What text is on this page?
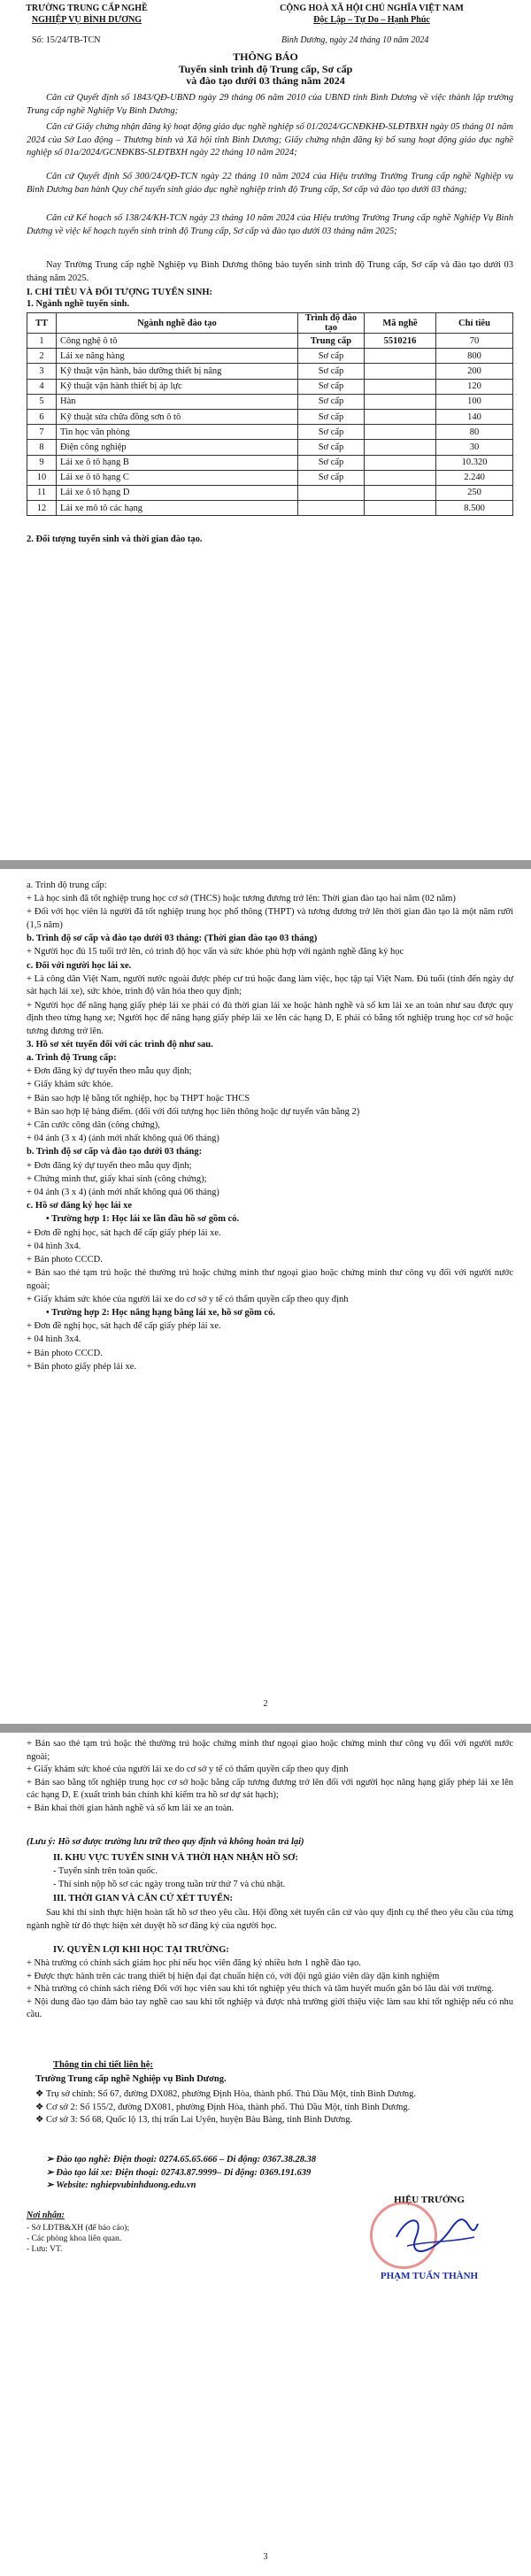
TRƯỜNG TRUNG CẤP NGHỀ
NGHIỆP VỤ BÌNH DƯƠNG
CỘNG HOÀ XÃ HỘI CHỦ NGHĨA VIỆT NAM
Độc Lập – Tự Do – Hạnh Phúc
Số: 15/24/TB-TCN	Bình Dương, ngày 24 tháng 10 năm 2024
THÔNG BÁO
Tuyển sinh trình độ Trung cấp, Sơ cấp
và đào tạo dưới 03 tháng năm 2024
Căn cứ Quyết định số 1843/QĐ-UBND ngày 29 tháng 06 năm 2010 của UBND tỉnh Bình Dương về việc thành lập trường Trung cấp nghề Nghiệp Vụ Bình Dương;
Căn cứ Giấy chứng nhận đăng ký hoạt động giáo dục nghề nghiệp số 01/2024/GCNĐKHĐ-SLĐTBXH ngày 05 tháng 01 năm 2024 của Sở Lao động – Thương binh và Xã hội tỉnh Bình Dương; Giấy chứng nhận đăng ký bổ sung hoạt động giáo dục nghề nghiệp số 01a/2024/GCNĐKBS-SLĐTBXH ngày 22 tháng 10 năm 2024;
Căn cứ Quyết định Số 300/24/QĐ-TCN ngày 22 tháng 10 năm 2024 của Hiệu trưởng Trường Trung cấp nghề Nghiệp vụ Bình Dương ban hành Quy chế tuyển sinh giáo dục nghề nghiệp trình độ Trung cấp, Sơ cấp và đào tạo dưới 03 tháng;
Căn cứ Kế hoạch số 138/24/KH-TCN ngày 23 tháng 10 năm 2024 của Hiệu trưởng Trường Trung cấp nghề Nghiệp Vụ Bình Dương về việc kế hoạch tuyển sinh trình độ Trung cấp, Sơ cấp và đào tạo dưới 03 tháng năm 2025;
Nay Trường Trung cấp nghề Nghiệp vụ Bình Dương thông báo tuyển sinh trình độ Trung cấp, Sơ cấp và đào tạo dưới 03 tháng năm 2025.
I. CHỈ TIÊU VÀ ĐỐI TƯỢNG TUYỂN SINH:
1. Ngành nghề tuyển sinh.
TT	Ngành nghề đào tạo	Trình độ đào tạo	Mã nghề	Chỉ tiêu
1	Công nghệ ô tô	Trung cấp	5510216	70
2	Lái xe nâng hàng	Sơ cấp		800
3	Kỹ thuật vận hành, bảo dưỡng thiết bị nâng	Sơ cấp		200
4	Kỹ thuật vận hành thiết bị áp lực	Sơ cấp		120
5	Hàn	Sơ cấp		100
6	Kỹ thuật sửa chữa đồng sơn ô tô	Sơ cấp		140
7	Tin học văn phòng	Sơ cấp		80
8	Điện công nghiệp	Sơ cấp		30
9	Lái xe ô tô hạng B	Sơ cấp		10.320
10	Lái xe ô tô hạng C	Sơ cấp		2.240
11	Lái xe ô tô hạng D			250
12	Lái xe mô tô các hạng			8.500
2. Đối tượng tuyển sinh và thời gian đào tạo.
a. Trình độ trung cấp:
+ Là học sinh đã tốt nghiệp trung học cơ sở (THCS) hoặc tương đương trở lên: Thời gian đào tạo hai năm (02 năm)
+ Đối với học viên là người đã tốt nghiệp trung học phổ thông (THPT) và tương đương trở lên thời gian đào tạo là một năm rưỡi (1,5 năm)
b. Trình độ sơ cấp và đào tạo dưới 03 tháng: (Thời gian đào tạo 03 tháng)
+ Người học đủ 15 tuổi trở lên, có trình độ học vấn và sức khỏe phù hợp với ngành nghề đăng ký học
c. Đối với người học lái xe.
+ Là công dân Việt Nam, người nước ngoài được phép cư trú hoặc đang làm việc, học tập tại Việt Nam. Đủ tuổi (tính đến ngày dự sát hạch lái xe), sức khỏe, trình độ văn hóa theo quy định;
+ Người học để nâng hạng giấy phép lái xe phải có đủ thời gian lái xe hoặc hành nghề và số km lái xe an toàn như sau được quy định theo từng hạng xe; Người học để nâng hạng giấy phép lái xe lên các hạng D, E phải có bằng tốt nghiệp trung học cơ sở hoặc tương đương trở lên.
3. Hồ sơ xét tuyển đối với các trình độ như sau.
a. Trình độ Trung cấp:
+ Đơn đăng ký dự tuyển theo mẫu quy định;
+ Giấy khám sức khỏe.
+ Bản sao hợp lệ bằng tốt nghiệp, học bạ THPT hoặc THCS
+ Bản sao hợp lệ bảng điểm. (đối với đối tượng học liên thông hoặc dự tuyển văn bằng 2)
+ Căn cước công dân (công chứng),
+ 04 ảnh (3 x 4) (ảnh mới nhất không quá 06 tháng)
b. Trình độ sơ cấp và đào tạo dưới 03 tháng:
+ Đơn đăng ký dự tuyển theo mẫu quy định;
+ Chứng minh thư, giấy khai sinh (công chứng);
+ 04 ảnh (3 x 4) (ảnh mới nhất không quá 06 tháng)
c. Hồ sơ đăng ký học lái xe
• Trường hợp 1: Học lái xe lần đầu hồ sơ gồm có.
+ Đơn đề nghị học, sát hạch để cấp giấy phép lái xe.
+ 04 hình 3x4.
+ Bản photo CCCD.
+ Bản sao thẻ tạm trú hoặc thẻ thường trú hoặc chứng minh thư ngoại giao hoặc chứng minh thư công vụ đối với người nước ngoài;
+ Giấy khám sức khỏe của người lái xe do cơ sở y tế có thẩm quyền cấp theo quy định
• Trường hợp 2: Học nâng hạng bằng lái xe, hồ sơ gồm có.
+ Đơn đề nghị học, sát hạch để cấp giấy phép lái xe.
+ 04 hình 3x4.
+ Bản photo CCCD.
+ Bản photo giấy phép lái xe.
2
+ Bản sao thẻ tạm trú hoặc thẻ thường trú hoặc chứng minh thư ngoại giao hoặc chứng minh thư công vụ đối với người nước ngoài;
+ Giấy khám sức khoẻ của người lái xe do cơ sở y tế có thẩm quyền cấp theo quy định
+ Bản sao bằng tốt nghiệp trung học cơ sở hoặc bằng cấp tương đương trở lên đối với người học nâng hạng giấy phép lái xe lên các hạng D, E (xuất trình bản chính khi kiểm tra hồ sơ dự sát hạch);
+ Bản khai thời gian hành nghề và số km lái xe an toàn.
(Lưu ý: Hồ sơ được trường lưu trữ theo quy định và không hoàn trả lại)
II. KHU VỰC TUYỂN SINH VÀ THỜI HẠN NHẬN HỒ SƠ:
- Tuyển sinh trên toàn quốc.
- Thí sinh nộp hồ sơ các ngày trong tuần trừ thứ 7 và chủ nhật.
III. THỜI GIAN VÀ CĂN CỨ XÉT TUYỂN:
Sau khi thí sinh thực hiện hoàn tất hồ sơ theo yêu cầu. Hội đồng xét tuyển căn cứ vào quy định cụ thể theo yêu cầu của từng ngành nghề từ đó thực hiện xét duyệt hồ sơ đăng ký của người học.
IV. QUYỀN LỢI KHI HỌC TẠI TRƯỜNG:
+ Nhà trường có chính sách giảm học phí nếu học viên đăng ký nhiều hơn 1 nghề đào tạo.
+ Được thực hành trên các trang thiết bị hiện đại đạt chuẩn hiện có, với đội ngũ giáo viên dày dặn kinh nghiệm
+ Nhà trường có chính sách riêng Đối với học viên sau khi tốt nghiệp yêu thích và tâm huyết muốn gắn bó lâu dài với trường.
+ Nội dung đào tạo đảm bảo tay nghề cao sau khi tốt nghiệp và được nhà trường giới thiệu việc làm sau khi tốt nghiệp nếu có nhu cầu.
Thông tin chi tiết liên hệ:
Trường Trung cấp nghề Nghiệp vụ Bình Dương.
❖ Trụ sở chính: Số 67, đường DX082, phường Định Hòa, thành phố. Thủ Dầu Một, tỉnh Bình Dương.
❖ Cơ sở 2: Số 155/2, đường DX081, phường Định Hòa, thành phố. Thủ Dầu Một, tỉnh Bình Dương.
❖ Cơ sở 3: Số 68, Quốc lộ 13, thị trấn Lai Uyên, huyện Bàu Bàng, tỉnh Bình Dương.
➢ Đào tạo nghề: Điện thoại: 0274.65.65.666 – Di động: 0367.38.28.38
➢ Đào tạo lái xe: Điện thoại: 02743.87.9999– Di động: 0369.191.639
➢ Website: nghiepvubinhduong.edu.vn
Nơi nhận:
- Sở LĐTB&XH (để báo cáo);
- Các phòng khoa liên quan.
- Lưu: VT.
HIỆU TRƯỞNG
PHẠM TUẤN THÀNH
3
